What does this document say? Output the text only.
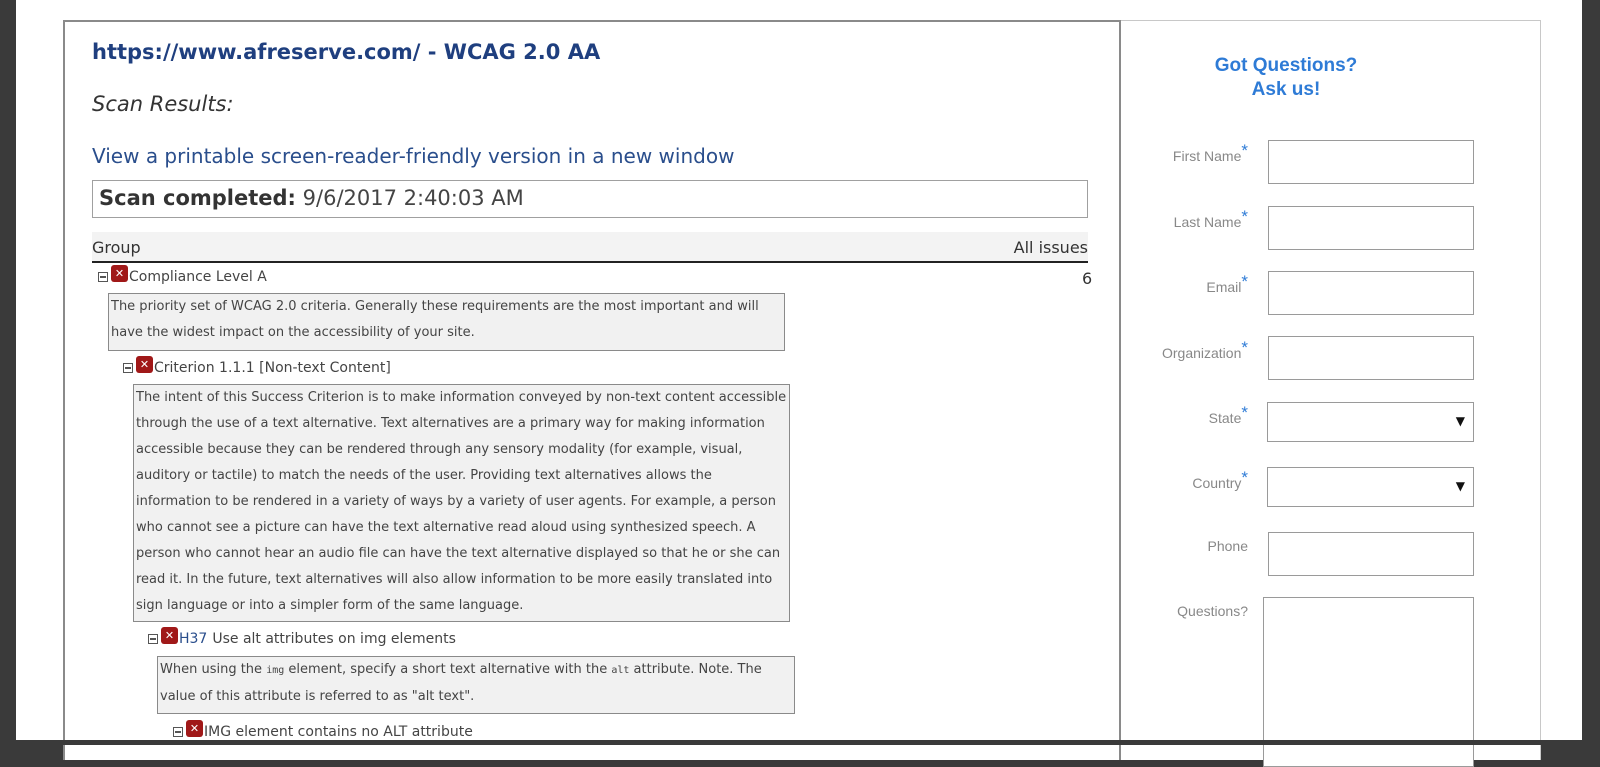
https://www.afreserve.com/ - WCAG 2.0 AA
Scan Results:
View a printable screen-reader-friendly version in a new window
Scan completed: 9/6/2017 2:40:03 AM
Group	All issues
✕ Compliance Level A	6
The priority set of WCAG 2.0 criteria. Generally these requirements are the most important and will have the widest impact on the accessibility of your site.
✕ Criterion 1.1.1 [Non-text Content]
The intent of this Success Criterion is to make information conveyed by non-text content accessible through the use of a text alternative. Text alternatives are a primary way for making information accessible because they can be rendered through any sensory modality (for example, visual, auditory or tactile) to match the needs of the user. Providing text alternatives allows the information to be rendered in a variety of ways by a variety of user agents. For example, a person who cannot see a picture can have the text alternative read aloud using synthesized speech. A person who cannot hear an audio file can have the text alternative displayed so that he or she can read it. In the future, text alternatives will also allow information to be more easily translated into sign language or into a simpler form of the same language.
✕ H37 Use alt attributes on img elements
When using the img element, specify a short text alternative with the alt attribute. Note. The value of this attribute is referred to as "alt text".
✕ IMG element contains no ALT attribute
Got Questions?
Ask us!
First Name*
Last Name*
Email*
Organization*
State*	▼
Country*	▼
Phone
Questions?
